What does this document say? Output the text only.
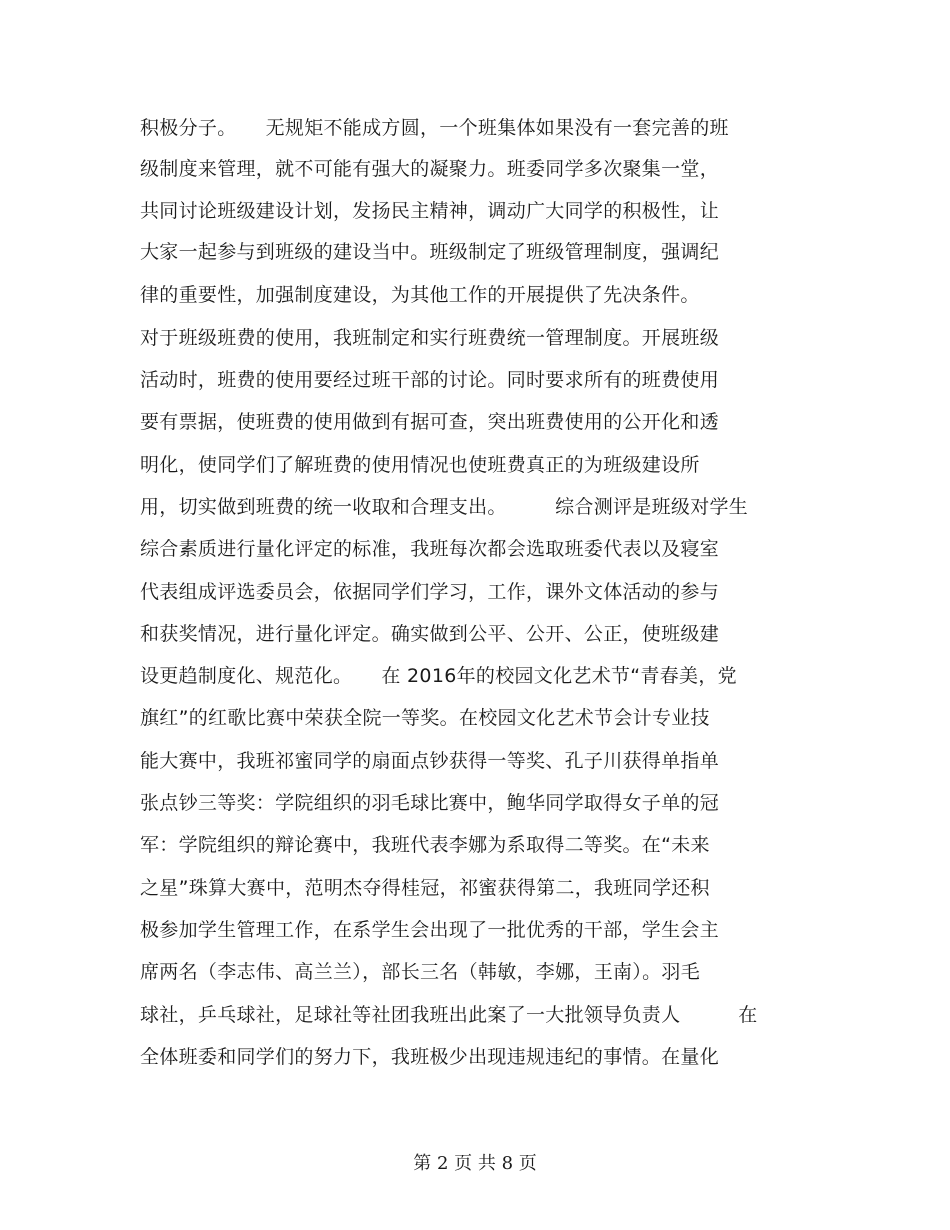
积极分子。　　无规矩不能成方圆，一个班集体如果没有一套完善的班
级制度来管理，就不可能有强大的凝聚力。班委同学多次聚集一堂，
共同讨论班级建设计划，发扬民主精神，调动广大同学的积极性，让
大家一起参与到班级的建设当中。班级制定了班级管理制度，强调纪
律的重要性，加强制度建设，为其他工作的开展提供了先决条件。
对于班级班费的使用，我班制定和实行班费统一管理制度。开展班级
活动时，班费的使用要经过班干部的讨论。同时要求所有的班费使用
要有票据，使班费的使用做到有据可查，突出班费使用的公开化和透
明化，使同学们了解班费的使用情况也使班费真正的为班级建设所
用，切实做到班费的统一收取和合理支出。　　　综合测评是班级对学生
综合素质进行量化评定的标准，我班每次都会选取班委代表以及寝室
代表组成评选委员会，依据同学们学习，工作，课外文体活动的参与
和获奖情况，进行量化评定。确实做到公平、公开、公正，使班级建
设更趋制度化、规范化。　　在 2016年的校园文化艺术节“青春美，党
旗红”的红歌比赛中荣获全院一等奖。在校园文化艺术节会计专业技
能大赛中，我班祁蜜同学的扇面点钞获得一等奖、孔子川获得单指单
张点钞三等奖：学院组织的羽毛球比赛中，鲍华同学取得女子单的冠
军：学院组织的辩论赛中，我班代表李娜为系取得二等奖。在“未来
之星”珠算大赛中，范明杰夺得桂冠，祁蜜获得第二，我班同学还积
极参加学生管理工作，在系学生会出现了一批优秀的干部，学生会主
席两名（李志伟、高兰兰），部长三名（韩敏，李娜，王南）。羽毛
球社，乒乓球社，足球社等社团我班出此案了一大批领导负责人　　　在
全体班委和同学们的努力下，我班极少出现违规违纪的事情。在量化
第 2 页 共 8 页
